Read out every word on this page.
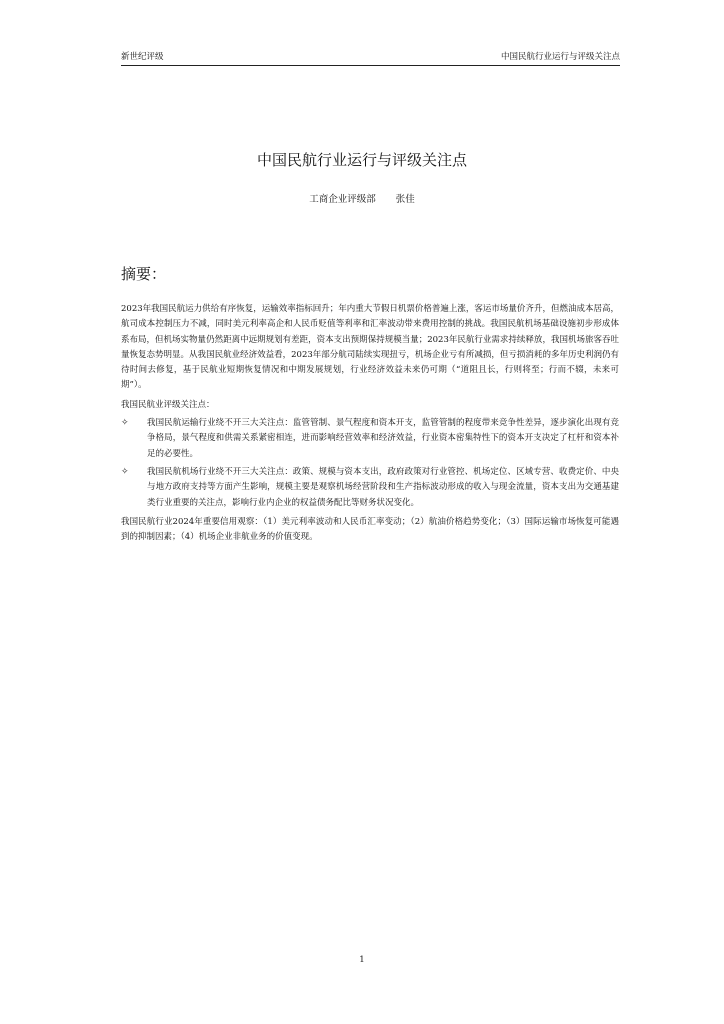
新世纪评级	中国民航行业运行与评级关注点
中国民航行业运行与评级关注点
工商企业评级部 张佳
摘要：

2023年我国民航运力供给有序恢复，运输效率指标回升；年内重大节假日机票价格普遍上涨，客运市场量价齐升，但燃油成本居高，航司成本控制压力不减，同时美元利率高企和人民币贬值等利率和汇率波动带来费用控制的挑战。我国民航机场基础设施初步形成体系布局，但机场实物量仍然距离中远期规划有差距，资本支出预期保持规模当量；2023年民航行业需求持续释放，我国机场旅客吞吐量恢复态势明显。从我国民航业经济效益看，2023年部分航司陆续实现扭亏，机场企业亏有所减损，但亏损消耗的多年历史利润仍有待时间去修复，基于民航业短期恢复情况和中期发展规划，行业经济效益未来仍可期（“道阻且长，行则将至；行而不辍，未来可期”）。

我国民航业评级关注点：

✧ 我国民航运输行业绕不开三大关注点：监管管制、景气程度和资本开支，监管管制的程度带来竞争性差异，逐步演化出现有竞争格局，景气程度和供需关系紧密相连，进而影响经营效率和经济效益，行业资本密集特性下的资本开支决定了杠杆和资本补足的必要性。
✧ 我国民航机场行业绕不开三大关注点：政策、规模与资本支出，政府政策对行业管控、机场定位、区域专营、收费定价、中央与地方政府支持等方面产生影响，规模主要是观察机场经营阶段和生产指标波动形成的收入与现金流量，资本支出为交通基建类行业重要的关注点，影响行业内企业的权益债务配比等财务状况变化。

我国民航行业2024年重要信用观察：（1）美元利率波动和人民币汇率变动；（2）航油价格趋势变化；（3）国际运输市场恢复可能遇到的抑制因素；（4）机场企业非航业务的价值变现。

1
